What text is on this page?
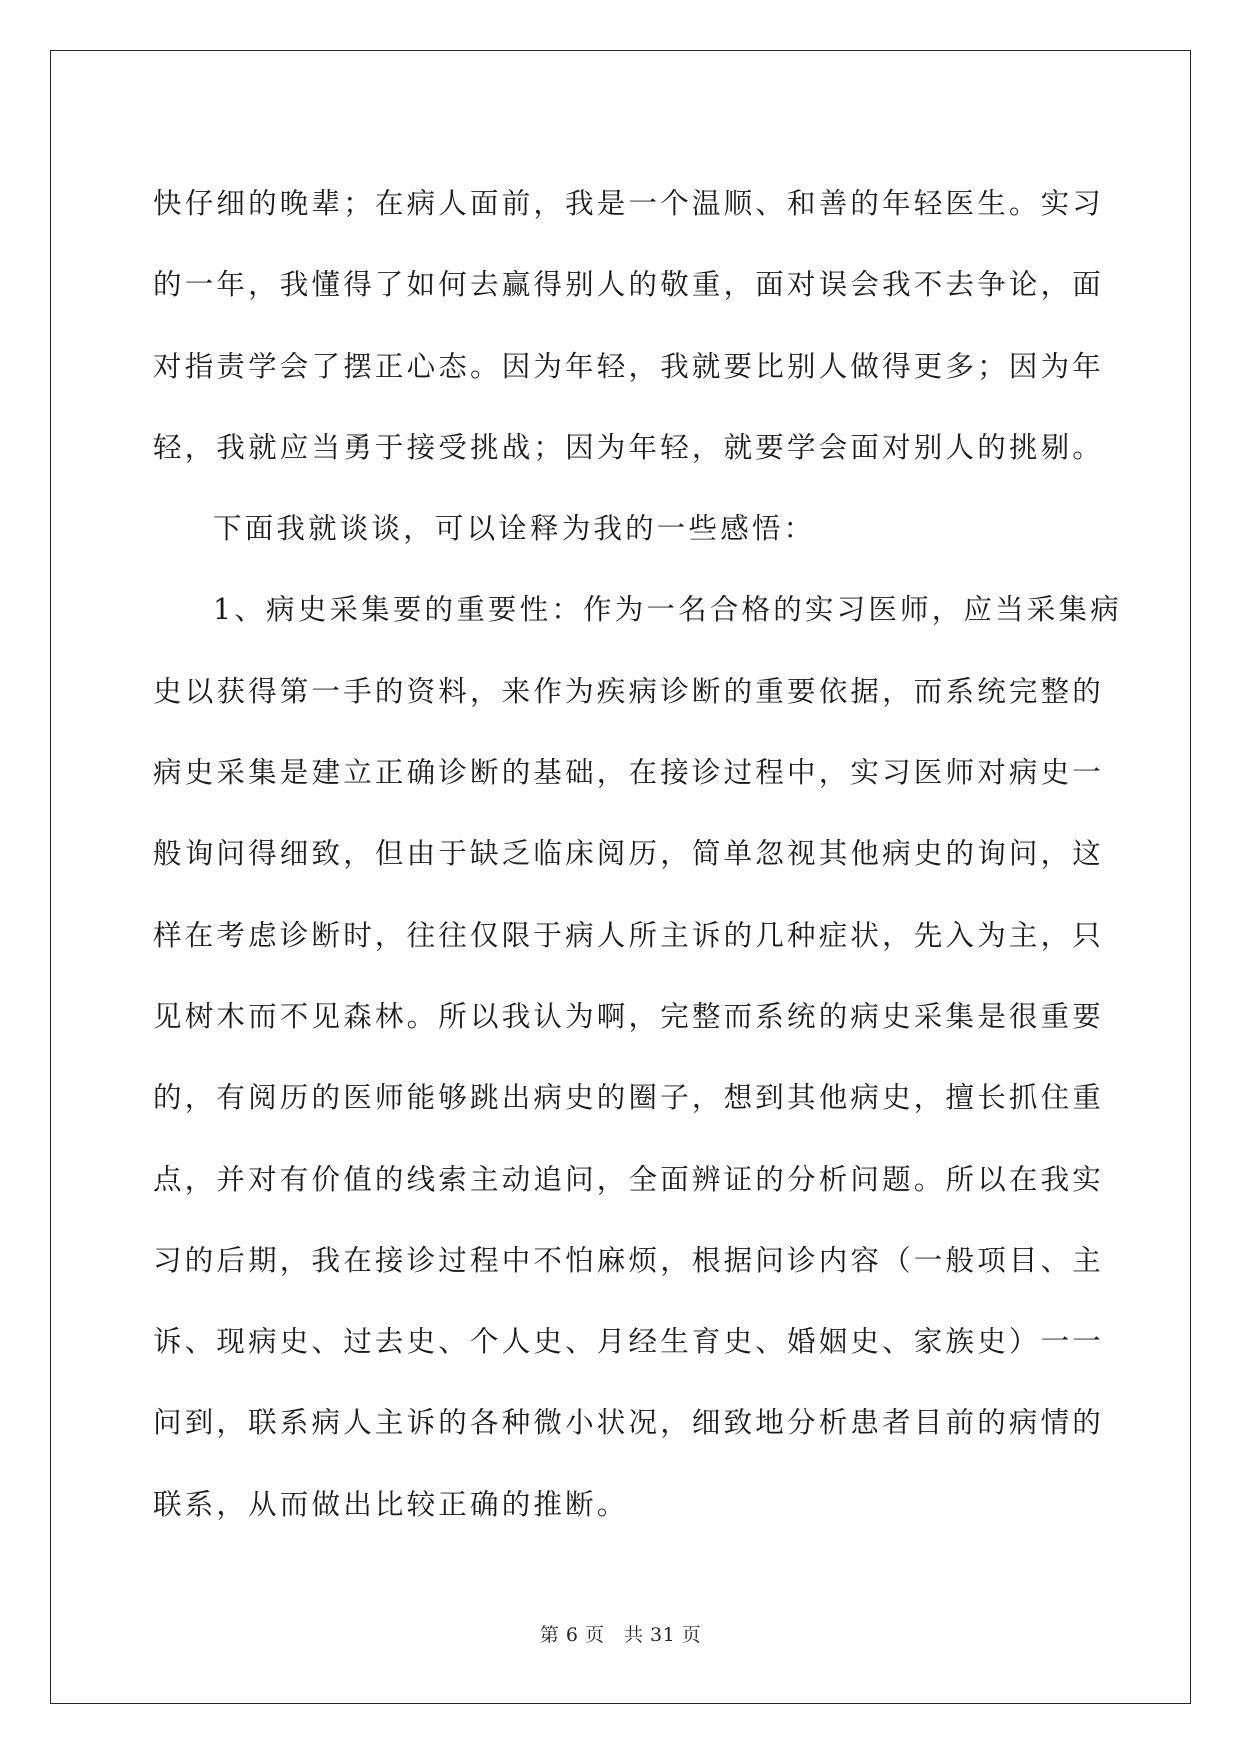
快仔细的晚辈；在病人面前，我是一个温顺、和善的年轻医生。实习
的一年，我懂得了如何去赢得别人的敬重，面对误会我不去争论，面
对指责学会了摆正心态。因为年轻，我就要比别人做得更多；因为年
轻，我就应当勇于接受挑战；因为年轻，就要学会面对别人的挑剔。
下面我就谈谈，可以诠释为我的一些感悟：
1、病史采集要的重要性：作为一名合格的实习医师，应当采集病
史以获得第一手的资料，来作为疾病诊断的重要依据，而系统完整的
病史采集是建立正确诊断的基础，在接诊过程中，实习医师对病史一
般询问得细致，但由于缺乏临床阅历，简单忽视其他病史的询问，这
样在考虑诊断时，往往仅限于病人所主诉的几种症状，先入为主，只
见树木而不见森林。所以我认为啊，完整而系统的病史采集是很重要
的，有阅历的医师能够跳出病史的圈子，想到其他病史，擅长抓住重
点，并对有价值的线索主动追问，全面辨证的分析问题。所以在我实
习的后期，我在接诊过程中不怕麻烦，根据问诊内容（一般项目、主
诉、现病史、过去史、个人史、月经生育史、婚姻史、家族史）一一
问到，联系病人主诉的各种微小状况，细致地分析患者目前的病情的
联系，从而做出比较正确的推断。
第 6 页　共 31 页
